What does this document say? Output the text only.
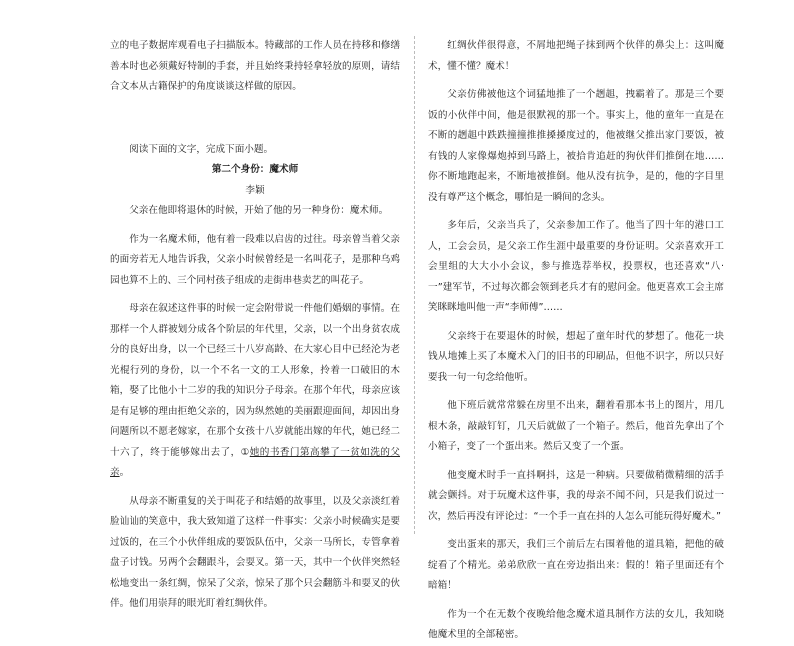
立的电子数据库观看电子扫描版本。特藏部的工作人员在持移和修缮善本时也必须戴好特制的手套，并且始终秉持轻拿轻放的原则，请结合文本从古籍保护的角度谈谈这样做的原因。

阅读下面的文字，完成下面小题。

第二个身份：魔术师

李颖

父亲在他即将退休的时候，开始了他的另一种身份：魔术师。

作为一名魔术师，他有着一段难以启齿的过往。母亲曾当着父亲的面旁若无人地告诉我，父亲小时候曾经是一名叫花子，是那种乌鸡园也算不上的、三个同村孩子组成的走街串巷卖艺的叫花子。

母亲在叙述这件事的时候一定会附带说一件他们婚姻的事情。在那样一个人群被划分成各个阶层的年代里，父亲，以一个出身贫农成分的良好出身，以一个已经三十八岁高龄、在大家心目中已经沦为老光棍行列的身份，以一个不名一文的工人形象，拎着一口破旧的木箱，娶了比他小十二岁的我的知识分子母亲。在那个年代，母亲应该是有足够的理由拒绝父亲的，因为纵然她的美丽跟迎面间，却因出身问题所以不愿老嫁家，在那个女孩十八岁就能出嫁的年代，她已经二十六了，终于能够嫁出去了，①她的书香门第高攀了一贫如洗的父亲。

从母亲不断重复的关于叫花子和结婚的故事里，以及父亲淡红着脸讪讪的笑意中，我大致知道了这样一件事实：父亲小时候确实是要过饭的，在三个小伙伴组成的要饭队伍中，父亲一马所长，专管拿着盘子讨钱。另两个会翻跟斗，会耍叉。第一天，其中一个伙伴突然轻松地变出一条红绸，惊呆了父亲，惊呆了那个只会翻筋斗和耍叉的伙伴。他们用崇拜的眼光盯着红绸伙伴。

红绸伙伴很得意，不屑地把绳子抹到两个伙伴的鼻尖上：这叫魔术，懂不懂？魔术！

父亲仿佛被他这个词猛地推了一个趔趄，拽霸着了。那是三个要饭的小伙伴中间，他是很默视的那一个。事实上，他的童年一直是在不断的趔趄中跌跌撞撞推推搡搡度过的，他被继父推出家门要饭，被有钱的人家像爆炮掉到马路上，被拾肯追赶的狗伙伴们推倒在地……你不断地跑起来，不断地被推倒。他从没有抗争，是的，他的字目里没有尊严这个概念，哪怕是一瞬间的念头。

多年后，父亲当兵了，父亲参加工作了。他当了四十年的港口工人，工会会员，是父亲工作生涯中最重要的身份证明。父亲喜欢开工会里组的大大小小会议，参与推选荐举权，投票权，也还喜欢“八·一”建军节，不过每次都会领到老兵才有的慰问金。他更喜欢工会主席笑眯眯地叫他一声“李师傅”……

父亲终于在要退休的时候，想起了童年时代的梦想了。他花一块钱从地摊上买了本魔术入门的旧书的印刷品，但他不识字，所以只好要我一句一句念给他听。

他下班后就常常躲在房里不出来，翻着看那本书上的图片，用几根木条，敲敲钉钉，几天后就做了一个箱子。然后，他首先拿出了个小箱子，变了一个蛋出来。然后又变了一个蛋。

他变魔术时手一直抖啊抖，这是一种病。只要做稍微精细的活手就会颤抖。对于玩魔术这件事，我的母亲不闻不问，只是我们说过一次，然后再没有评论过：“一个手一直在抖的人怎么可能玩得好魔术。”

变出蛋来的那天，我们三个前后左右围着他的道具箱，把他的破绽看了个精光。弟弟欣欣一直在旁边指出来：假的！箱子里面还有个暗箱！

作为一个在无数个夜晚给他念魔术道具制作方法的女儿，我知晓他魔术里的全部秘密。
